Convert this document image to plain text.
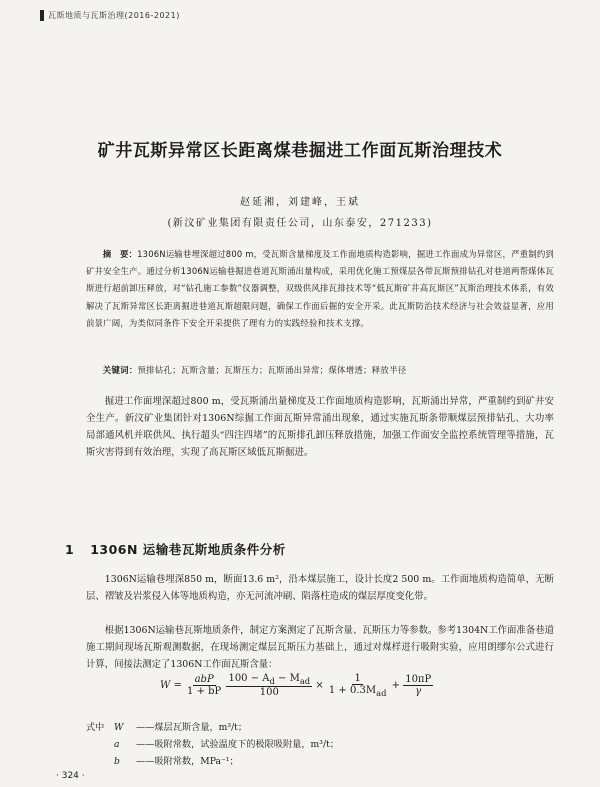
瓦斯地质与瓦斯治理(2016-2021)
矿井瓦斯异常区长距离煤巷掘进工作面瓦斯治理技术
赵延湘，刘建峰，王斌
(新汶矿业集团有限责任公司，山东泰安，271233)
摘　要：1306N运输巷埋深超过800 m，受瓦斯含量梯度及工作面地质构造影响，掘进工作面成为异常区，严重制约到矿井安全生产。通过分析1306N运输巷掘进巷道瓦斯涌出量构成，采用优化施工预煤层各带瓦斯预排钻孔对巷道两帮煤体瓦斯进行超前卸压释放，对“钻孔施工参数”仪器调整，双级供风排瓦排技术等“低瓦斯矿井高瓦斯区”瓦斯治理技术体系，有效解决了瓦斯异常区长距离掘进巷道瓦斯超限问题，确保工作面后掘的安全开采。此瓦斯防治技术经济与社会效益显著，应用前景广阔，为类似同条件下安全开采提供了理有力的实践经验和技术支撑。
关键词：预排钻孔；瓦斯含量；瓦斯压力；瓦斯涌出异常；煤体增透；释放半径
掘进工作面埋深超过800 m，受瓦斯涌出量梯度及工作面地质构造影响，瓦斯涌出异常，严重制约到矿井安全生产。新汶矿业集团针对1306N综掘工作面瓦斯异常涌出现象，通过实施瓦斯条带顺煤层预排钻孔、大功率局部通风机并联供风、执行超头“四注四堵”的瓦斯排孔卸压释放措施，加强工作面安全监控系统管理等措施，瓦斯灾害得到有效治理，实现了高瓦斯区域低瓦斯掘进。
1 1306N 运输巷瓦斯地质条件分析
1306N运输巷埋深850 m，断面13.6 m²，沿本煤层施工，设计长度2 500 m。工作面地质构造简单，无断层、褶皱及岩浆侵入体等地质构造，亦无河流冲刷、陷落柱造成的煤层厚度变化带。
根据1306N运输巷瓦斯地质条件，制定方案测定了瓦斯含量、瓦斯压力等参数。参考1304N工作面准备巷道施工期间现场瓦斯观测数据，在现场测定煤层瓦斯压力基础上，通过对煤样进行吸附实验，应用朗缪尔公式进行计算，间接法测定了1306N工作面瓦斯含量：
$W = \frac{\text{abP}}{1 + bP}$
$\frac{100 - A_d - M_{ad}}{100} \times \frac{1}{1 + 0.3M_{ad}} + \frac{10\pi P}{\gamma}$
式中 W ——煤层瓦斯含量，m³/t；
a ——吸附常数，试验温度下的极限吸附量，m³/t；
b ——吸附常数，MPa⁻¹；
· 324 ·
